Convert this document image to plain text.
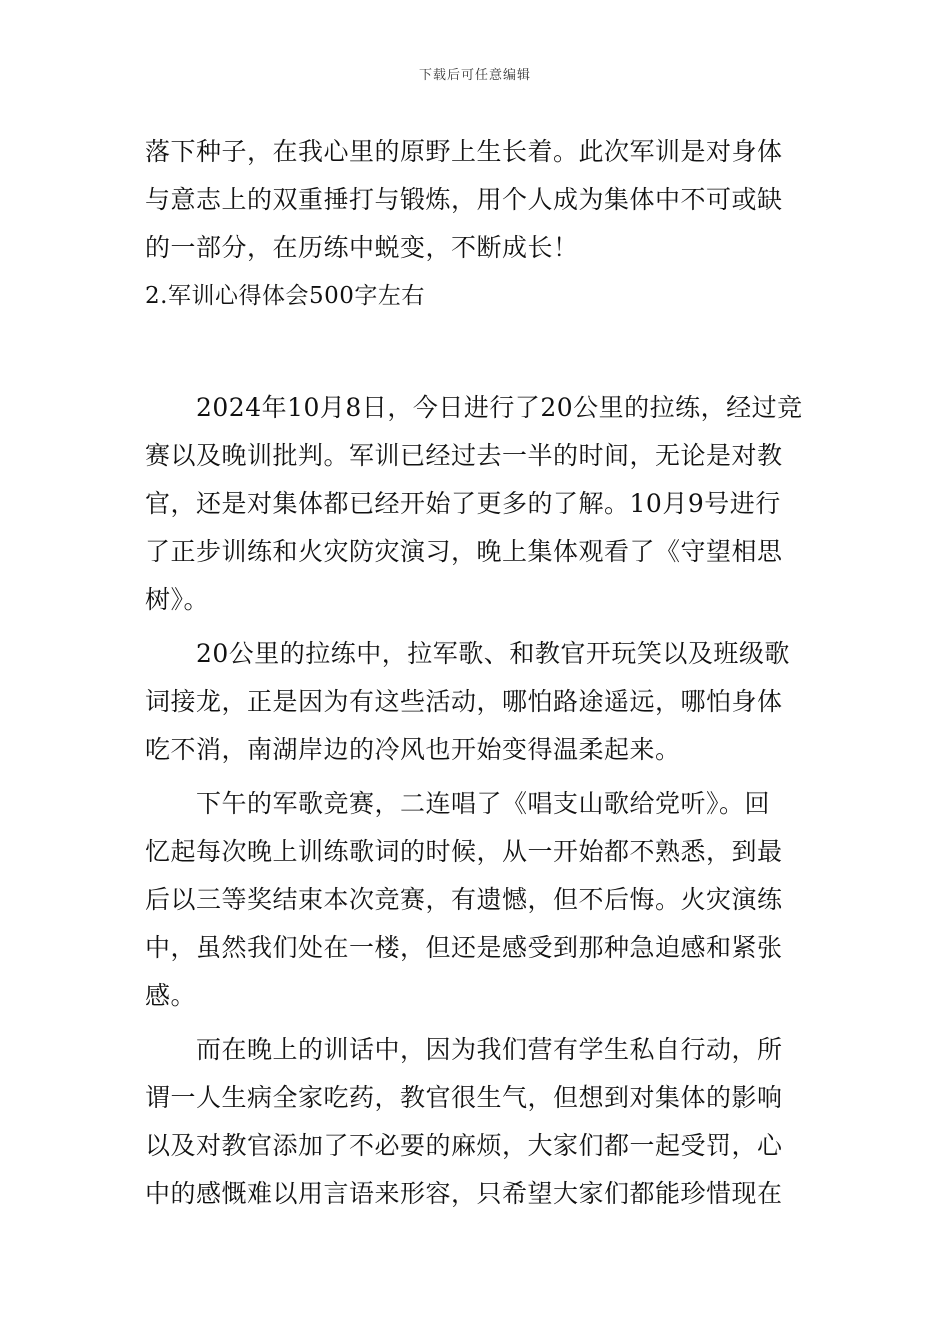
下载后可任意编辑
落下种子，在我心里的原野上生长着。此次军训是对身体
与意志上的双重捶打与锻炼，用个人成为集体中不可或缺
的一部分，在历练中蜕变，不断成长！
2.军训心得体会500字左右
2024年10月8日，今日进行了20公里的拉练，经过竞
赛以及晚训批判。军训已经过去一半的时间，无论是对教
官，还是对集体都已经开始了更多的了解。10月9号进行
了正步训练和火灾防灾演习，晚上集体观看了《守望相思
树》。
20公里的拉练中，拉军歌、和教官开玩笑以及班级歌
词接龙，正是因为有这些活动，哪怕路途遥远，哪怕身体
吃不消，南湖岸边的冷风也开始变得温柔起来。
下午的军歌竞赛，二连唱了《唱支山歌给党听》。回
忆起每次晚上训练歌词的时候，从一开始都不熟悉，到最
后以三等奖结束本次竞赛，有遗憾，但不后悔。火灾演练
中，虽然我们处在一楼，但还是感受到那种急迫感和紧张
感。
而在晚上的训话中，因为我们营有学生私自行动，所
谓一人生病全家吃药，教官很生气，但想到对集体的影响
以及对教官添加了不必要的麻烦，大家们都一起受罚，心
中的感慨难以用言语来形容，只希望大家们都能珍惜现在
